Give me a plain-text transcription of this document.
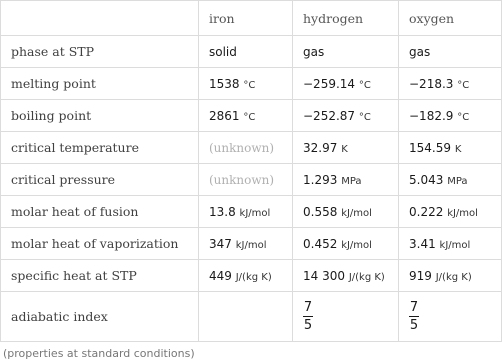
	iron	hydrogen	oxygen
phase at STP	solid	gas	gas
melting point	1538 °C	−259.14 °C	−218.3 °C
boiling point	2861 °C	−252.87 °C	−182.9 °C
critical temperature	(unknown)	32.97 K	154.59 K
critical pressure	(unknown)	1.293 MPa	5.043 MPa
molar heat of fusion	13.8 kJ/mol	0.558 kJ/mol	0.222 kJ/mol
molar heat of vaporization	347 kJ/mol	0.452 kJ/mol	3.41 kJ/mol
specific heat at STP	449 J/(kg K)	14 300 J/(kg K)	919 J/(kg K)
adiabatic index		$\frac{7}{5}$	$\frac{7}{5}$
(properties at standard conditions)
